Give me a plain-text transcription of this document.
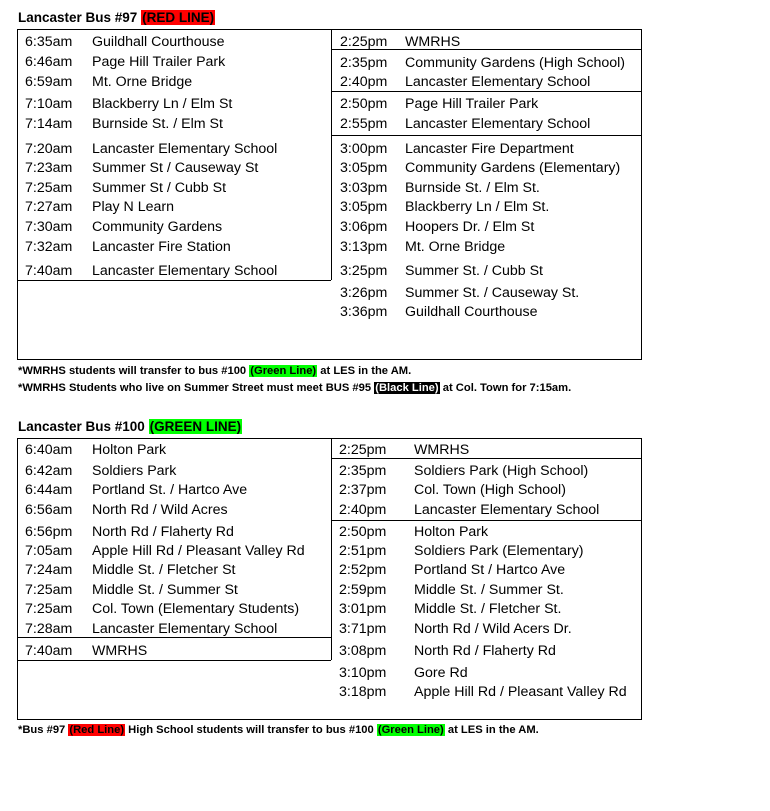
Lancaster Bus #97 (RED LINE)
6:35am	Guildhall Courthouse
6:46am	Page Hill Trailer Park
6:59am	Mt. Orne Bridge
7:10am	Blackberry Ln / Elm St
7:14am	Burnside St. / Elm St
7:20am	Lancaster Elementary School
7:23am	Summer St / Causeway St
7:25am	Summer St / Cubb St
7:27am	Play N Learn
7:30am	Community Gardens
7:32am	Lancaster Fire Station
7:40am	Lancaster Elementary School
2:25pm	WMRHS
2:35pm	Community Gardens (High School)
2:40pm	Lancaster Elementary School
2:50pm	Page Hill Trailer Park
2:55pm	Lancaster Elementary School
3:00pm	Lancaster Fire Department
3:05pm	Community Gardens (Elementary)
3:03pm	Burnside St. / Elm St.
3:05pm	Blackberry Ln / Elm St.
3:06pm	Hoopers Dr. / Elm St
3:13pm	Mt. Orne Bridge
3:25pm	Summer St. / Cubb St
3:26pm	Summer St. / Causeway St.
3:36pm	Guildhall Courthouse
*WMRHS students will transfer to bus #100 (Green Line) at LES in the AM.
*WMRHS Students who live on Summer Street must meet BUS #95 (Black Line) at Col. Town for 7:15am.
Lancaster Bus #100 (GREEN LINE)
6:40am	Holton Park
6:42am	Soldiers Park
6:44am	Portland St. / Hartco Ave
6:56am	North Rd / Wild Acres
6:56pm	North Rd / Flaherty Rd
7:05am	Apple Hill Rd / Pleasant Valley Rd
7:24am	Middle St. / Fletcher St
7:25am	Middle St. / Summer St
7:25am	Col. Town (Elementary Students)
7:28am	Lancaster Elementary School
7:40am	WMRHS
2:25pm	WMRHS
2:35pm	Soldiers Park (High School)
2:37pm	Col. Town (High School)
2:40pm	Lancaster Elementary School
2:50pm	Holton Park
2:51pm	Soldiers Park (Elementary)
2:52pm	Portland St / Hartco Ave
2:59pm	Middle St. / Summer St.
3:01pm	Middle St. / Fletcher St.
3:71pm	North Rd / Wild Acers Dr.
3:08pm	North Rd / Flaherty Rd
3:10pm	Gore Rd
3:18pm	Apple Hill Rd / Pleasant Valley Rd
*Bus #97 (Red Line) High School students will transfer to bus #100 (Green Line) at LES in the AM.
